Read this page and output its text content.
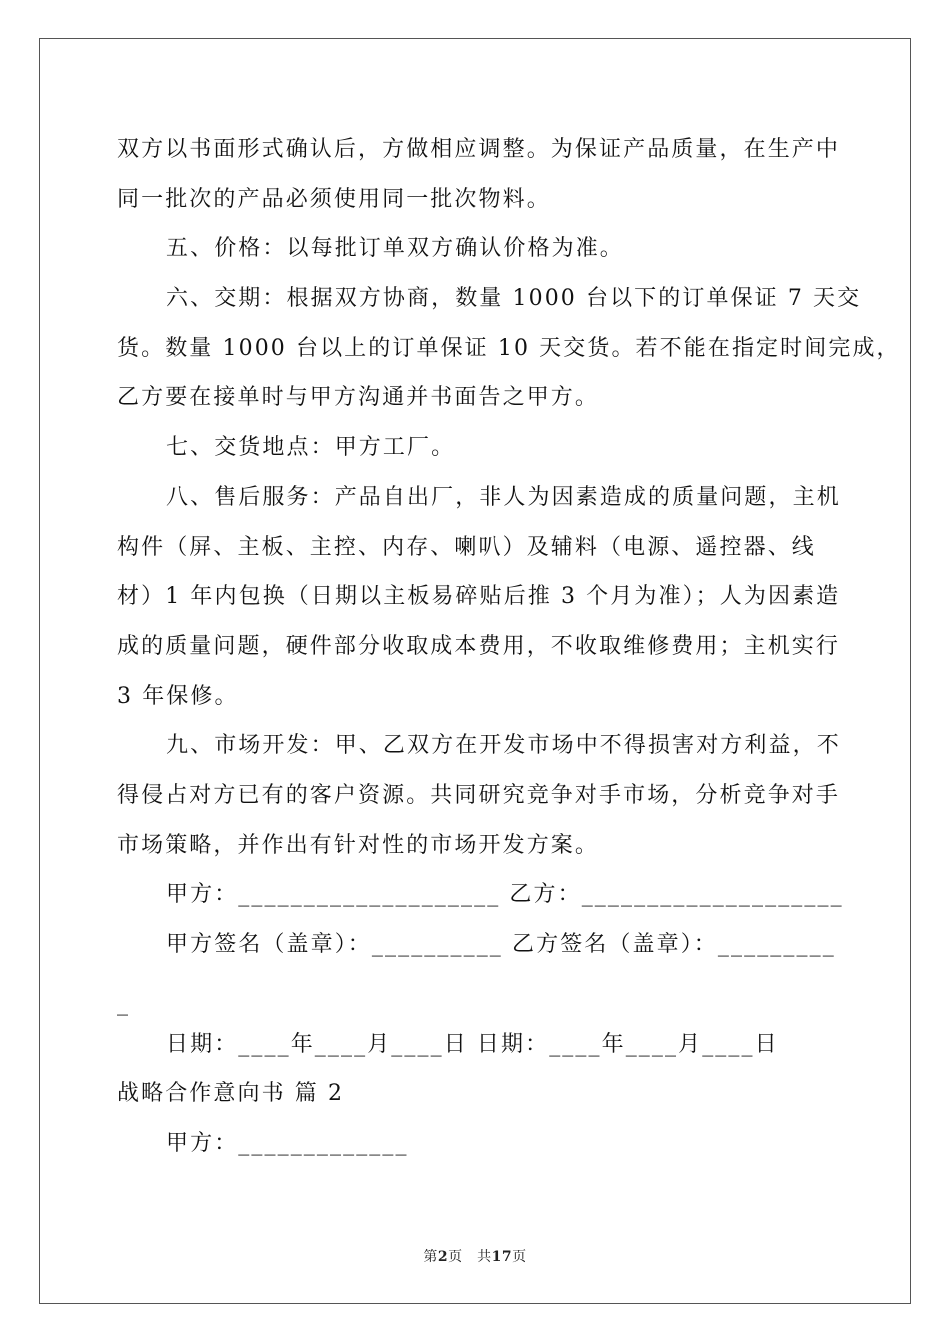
双方以书面形式确认后，方做相应调整。为保证产品质量，在生产中
同一批次的产品必须使用同一批次物料。
五、价格：以每批订单双方确认价格为准。
六、交期：根据双方协商，数量 1000 台以下的订单保证 7 天交
货。数量 1000 台以上的订单保证 10 天交货。若不能在指定时间完成，
乙方要在接单时与甲方沟通并书面告之甲方。
七、交货地点：甲方工厂。
八、售后服务：产品自出厂，非人为因素造成的质量问题，主机
构件（屏、主板、主控、内存、喇叭）及辅料（电源、遥控器、线
材）1 年内包换（日期以主板易碎贴后推 3 个月为准）；人为因素造
成的质量问题，硬件部分收取成本费用，不收取维修费用；主机实行
3 年保修。
九、市场开发：甲、乙双方在开发市场中不得损害对方利益，不
得侵占对方已有的客户资源。共同研究竞争对手市场，分析竞争对手
市场策略，并作出有针对性的市场开发方案。
甲方：____________________ 乙方：____________________
甲方签名（盖章）：__________ 乙方签名（盖章）：_________
_
日期：____年____月____日 日期：____年____月____日
战略合作意向书 篇 2
甲方：_____________
第2页　共17页
